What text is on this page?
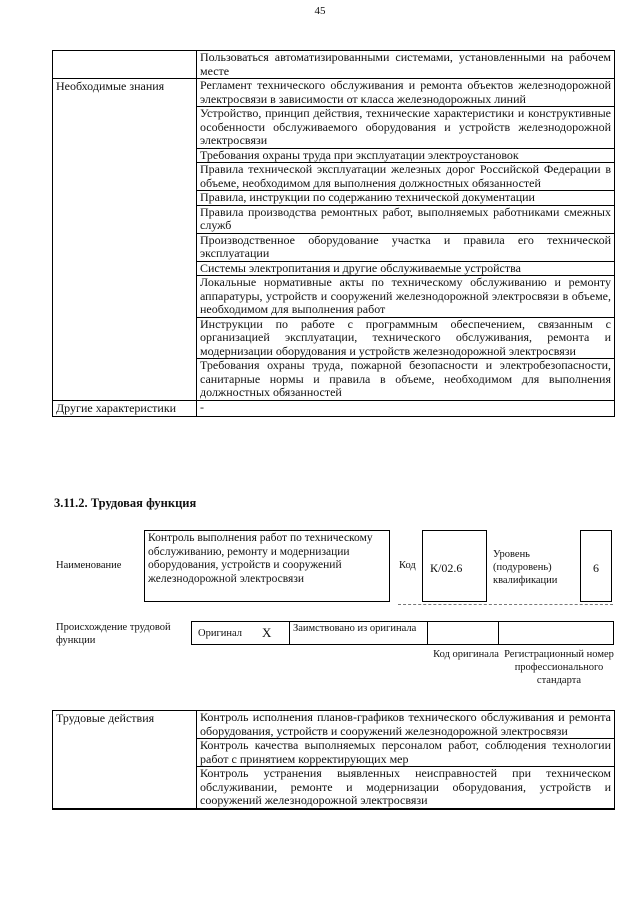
45
	Пользоваться автоматизированными системами, установленными на рабочем месте
Необходимые знания	Регламент технического обслуживания и ремонта объектов железнодорожной электросвязи в зависимости от класса железнодорожных линий
	Устройство, принцип действия, технические характеристики и конструктивные особенности обслуживаемого оборудования и устройств железнодорожной электросвязи
	Требования охраны труда при эксплуатации электроустановок
	Правила технической эксплуатации железных дорог Российской Федерации в объеме, необходимом для выполнения должностных обязанностей
	Правила, инструкции по содержанию технической документации
	Правила производства ремонтных работ, выполняемых работниками смежных служб
	Производственное оборудование участка и правила его технической эксплуатации
	Системы электропитания и другие обслуживаемые устройства
	Локальные нормативные акты по техническому обслуживанию и ремонту аппаратуры, устройств и сооружений железнодорожной электросвязи в объеме, необходимом для выполнения работ
	Инструкции по работе с программным обеспечением, связанным с организацией эксплуатации, технического обслуживания, ремонта и модернизации оборудования и устройств железнодорожной электросвязи
	Требования охраны труда, пожарной безопасности и электробезопасности, санитарные нормы и правила в объеме, необходимом для выполнения должностных обязанностей
Другие характеристики	-
3.11.2. Трудовая функция
Наименование
Контроль выполнения работ по техническому обслуживанию, ремонту и модернизации оборудования, устройств и сооружений железнодорожной электросвязи
Код	К/02.6
Уровень (подуровень) квалификации
6
Происхождение трудовой функции
Оригинал X	Заимствовано из оригинала
Код оригинала Регистрационный номер профессионального стандарта
Трудовые действия	Контроль исполнения планов-графиков технического обслуживания и ремонта оборудования, устройств и сооружений железнодорожной электросвязи
Контроль качества выполняемых персоналом работ, соблюдения технологии работ с принятием корректирующих мер
Контроль устранения выявленных неисправностей при техническом обслуживании, ремонте и модернизации оборудования, устройств и сооружений железнодорожной электросвязи
